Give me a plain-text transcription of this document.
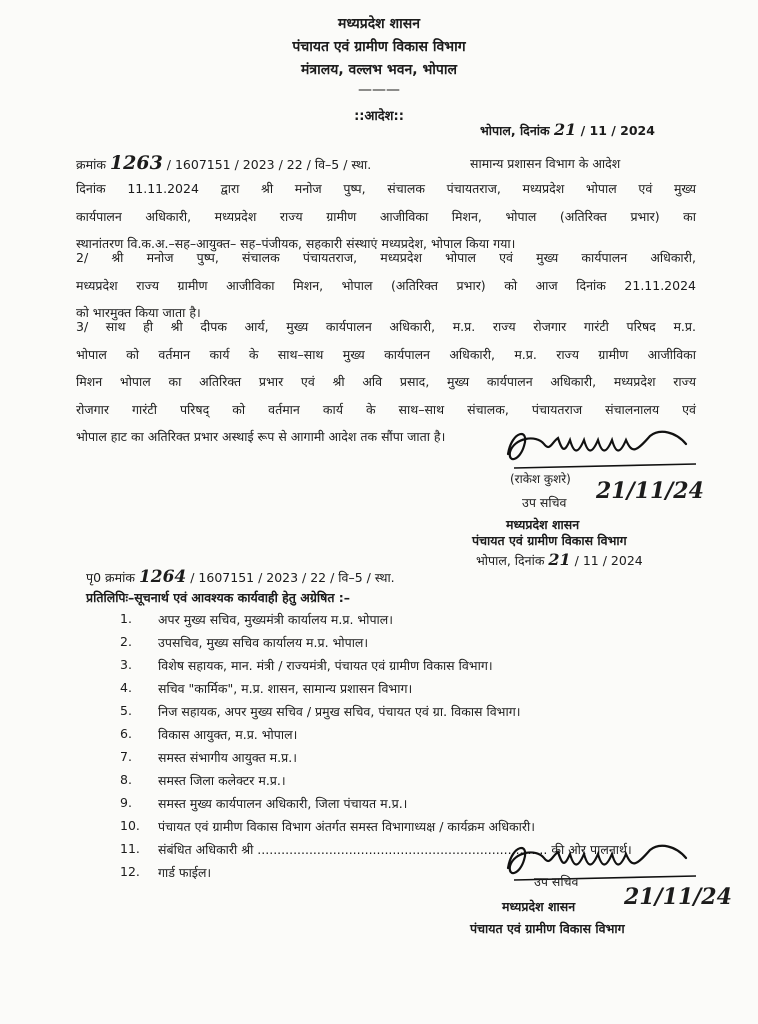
मध्यप्रदेश शासन
पंचायत एवं ग्रामीण विकास विभाग
मंत्रालय, वल्लभ भवन, भोपाल
———
::आदेश::
भोपाल, दिनांक 21 / 11 / 2024
क्रमांक 1263 / 1607151 / 2023 / 22 / वि–5 / स्था.	सामान्य प्रशासन विभाग के आदेश
दिनांक 11.11.2024 द्वारा श्री मनोज पुष्प, संचालक पंचायतराज, मध्यप्रदेश भोपाल एवं मुख्य
कार्यपालन अधिकारी, मध्यप्रदेश राज्य ग्रामीण आजीविका मिशन, भोपाल (अतिरिक्त प्रभार) का
स्थानांतरण वि.क.अ.–सह–आयुक्त– सह–पंजीयक, सहकारी संस्थाएं मध्यप्रदेश, भोपाल किया गया।
2/ श्री मनोज पुष्प, संचालक पंचायतराज, मध्यप्रदेश भोपाल एवं मुख्य कार्यपालन अधिकारी,
मध्यप्रदेश राज्य ग्रामीण आजीविका मिशन, भोपाल (अतिरिक्त प्रभार) को आज दिनांक 21.11.2024
को भारमुक्त किया जाता है।
3/ साथ ही श्री दीपक आर्य, मुख्य कार्यपालन अधिकारी, म.प्र. राज्य रोजगार गारंटी परिषद म.प्र.
भोपाल को वर्तमान कार्य के साथ–साथ मुख्य कार्यपालन अधिकारी, म.प्र. राज्य ग्रामीण आजीविका
मिशन भोपाल का अतिरिक्त प्रभार एवं श्री अवि प्रसाद, मुख्य कार्यपालन अधिकारी, मध्यप्रदेश राज्य
रोजगार गारंटी परिषद् को वर्तमान कार्य के साथ–साथ संचालक, पंचायतराज संचालनालय एवं
भोपाल हाट का अतिरिक्त प्रभार अस्थाई रूप से आगामी आदेश तक सौंपा जाता है।
(राकेश कुशरे)
उप सचिव 21/11/24
मध्यप्रदेश शासन
पंचायत एवं ग्रामीण विकास विभाग
भोपाल, दिनांक 21 / 11 / 2024
पृ0 क्रमांक 1264 / 1607151 / 2023 / 22 / वि–5 / स्था.
प्रतिलिपिः–सूचनार्थ एवं आवश्यक कार्यवाही हेतु अग्रेषित :–
1. अपर मुख्य सचिव, मुख्यमंत्री कार्यालय म.प्र. भोपाल।
2. उपसचिव, मुख्य सचिव कार्यालय म.प्र. भोपाल।
3. विशेष सहायक, मान. मंत्री / राज्यमंत्री, पंचायत एवं ग्रामीण विकास विभाग।
4. सचिव "कार्मिक", म.प्र. शासन, सामान्य प्रशासन विभाग।
5. निज सहायक, अपर मुख्य सचिव / प्रमुख सचिव, पंचायत एवं ग्रा. विकास विभाग।
6. विकास आयुक्त, म.प्र. भोपाल।
7. समस्त संभागीय आयुक्त म.प्र.।
8. समस्त जिला कलेक्टर म.प्र.।
9. समस्त मुख्य कार्यपालन अधिकारी, जिला पंचायत म.प्र.।
10. पंचायत एवं ग्रामीण विकास विभाग अंतर्गत समस्त विभागाध्यक्ष / कार्यक्रम अधिकारी।
11. संबंधित अधिकारी श्री ......................................................................... की ओर पालनार्थ।
12. गार्ड फाईल।
उप सचिव
21/11/24
मध्यप्रदेश शासन
पंचायत एवं ग्रामीण विकास विभाग
